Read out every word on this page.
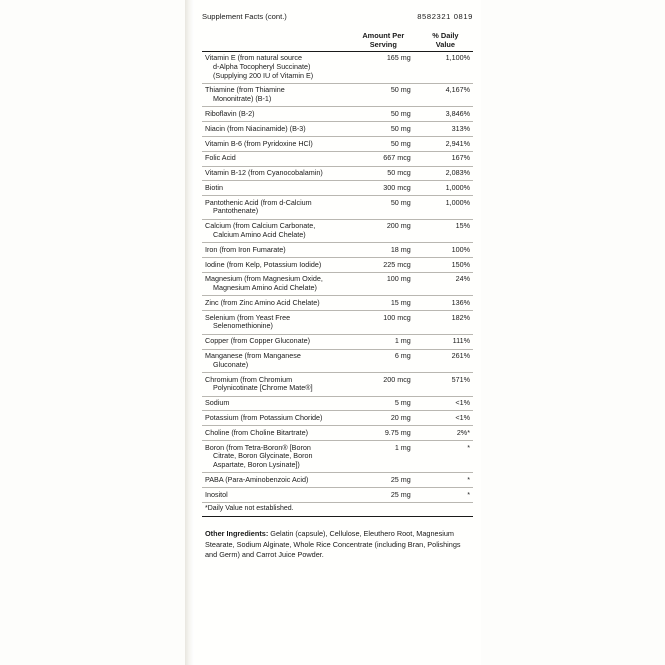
Supplement Facts (cont.)	8582321 0819
	Amount Per
Serving	% Daily
Value
Vitamin E (from natural source
d-Alpha Tocopheryl Succinate)
(Supplying 200 IU of Vitamin E)	165 mg	1,100%
Thiamine (from Thiamine
Mononitrate) (B-1)	50 mg	4,167%
Riboflavin (B-2)	50 mg	3,846%
Niacin (from Niacinamide) (B-3)	50 mg	313%
Vitamin B-6 (from Pyridoxine HCl)	50 mg	2,941%
Folic Acid	667 mcg	167%
Vitamin B-12 (from Cyanocobalamin)	50 mcg	2,083%
Biotin	300 mcg	1,000%
Pantothenic Acid (from d-Calcium
Pantothenate)	50 mg	1,000%
Calcium (from Calcium Carbonate,
Calcium Amino Acid Chelate)	200 mg	15%
Iron (from Iron Fumarate)	18 mg	100%
Iodine (from Kelp, Potassium Iodide)	225 mcg	150%
Magnesium (from Magnesium Oxide,
Magnesium Amino Acid Chelate)	100 mg	24%
Zinc (from Zinc Amino Acid Chelate)	15 mg	136%
Selenium (from Yeast Free
Selenomethionine)	100 mcg	182%
Copper (from Copper Gluconate)	1 mg	111%
Manganese (from Manganese
Gluconate)	6 mg	261%
Chromium (from Chromium
Polynicotinate [Chrome Mate®]	200 mcg	571%
Sodium	5 mg	<1%
Potassium (from Potassium Choride)	20 mg	<1%
Choline (from Choline Bitartrate)	9.75 mg	2%*
Boron (from Tetra-Boron® [Boron
Citrate, Boron Glycinate, Boron
Aspartate, Boron Lysinate])	1 mg	*
PABA (Para-Aminobenzoic Acid)	25 mg	*
Inositol	25 mg	*
*Daily Value not established.		
Other Ingredients: Gelatin (capsule), Cellulose, Eleuthero Root, Magnesium Stearate, Sodium Alginate, Whole Rice Concentrate (including Bran, Polishings and Germ) and Carrot Juice Powder.
